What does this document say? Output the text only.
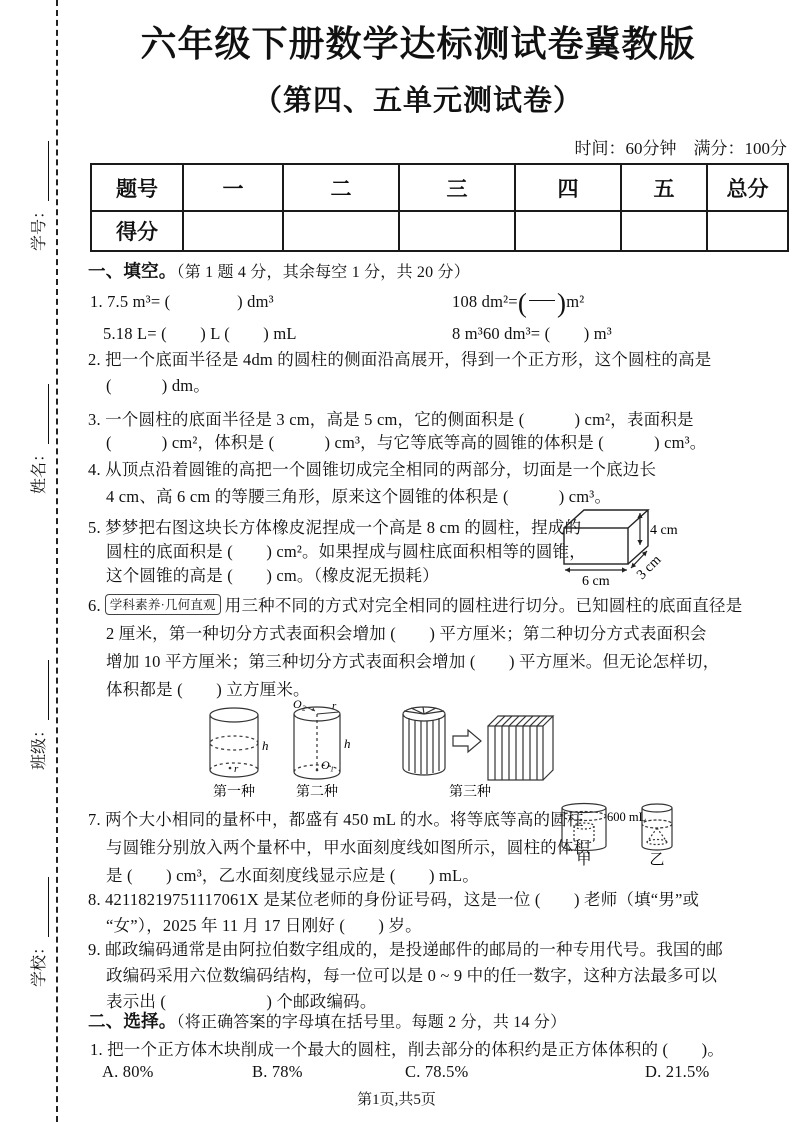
学号：
姓名：
班级：
学校：
六年级下册数学达标测试卷冀教版
（第四、五单元测试卷）
时间：60分钟　满分：100分
题号	一	二	三	四	五	总分
得分						
一、填空。（第 1 题 4 分，其余每空 1 分，共 20 分）
1. 7.5 m³= (　　　　) dm³	108 dm²=( )m²
5.18 L= (　　) L (　　) mL	8 m³60 dm³= (　　) m³
2. 把一个底面半径是 4dm 的圆柱的侧面沿高展开，得到一个正方形，这个圆柱的高是
(　　　) dm。
3. 一个圆柱的底面半径是 3 cm，高是 5 cm，它的侧面积是 (　　　) cm²，表面积是
(　　　) cm²，体积是 (　　　) cm³，与它等底等高的圆锥的体积是 (　　　) cm³。
4. 从顶点沿着圆锥的高把一个圆锥切成完全相同的两部分，切面是一个底边长
4 cm、高 6 cm 的等腰三角形，原来这个圆锥的体积是 (　　　) cm³。
5. 梦梦把右图这块长方体橡皮泥捏成一个高是 8 cm 的圆柱，捏成的
圆柱的底面积是 (　　) cm²。如果捏成与圆柱底面积相等的圆锥，
这个圆锥的高是 (　　) cm。（橡皮泥无损耗）
4 cm
6 cm 3 cm
6. 学科素养·几何直观 用三种不同的方式对完全相同的圆柱进行切分。已知圆柱的底面直径是
2 厘米，第一种切分方式表面积会增加 (　　) 平方厘米；第二种切分方式表面积会
增加 10 平方厘米；第三种切分方式表面积会增加 (　　) 平方厘米。但无论怎样切，
体积都是 (　　) 立方厘米。
h
r
O₂ r
h
O₁
第一种	第二种	第三种
7. 两个大小相同的量杯中，都盛有 450 mL 的水。将等底等高的圆柱
与圆锥分别放入两个量杯中，甲水面刻度线如图所示，圆柱的体积
是 (　　) cm³，乙水面刻度线显示应是 (　　) mL。
600 mL
甲	乙
8. 42118219751117061X 是某位老师的身份证号码，这是一位 (　　) 老师（填“男”或
“女”），2025 年 11 月 17 日刚好 (　　) 岁。
9. 邮政编码通常是由阿拉伯数字组成的，是投递邮件的邮局的一种专用代号。我国的邮
政编码采用六位数编码结构，每一位可以是 0 ~ 9 中的任一数字，这种方法最多可以
表示出 (　　　　　　) 个邮政编码。
二、选择。（将正确答案的字母填在括号里。每题 2 分，共 14 分）
1. 把一个正方体木块削成一个最大的圆柱，削去部分的体积约是正方体体积的 (　　)。
A. 80%	B. 78%	C. 78.5%	D. 21.5%
第1页,共5页
